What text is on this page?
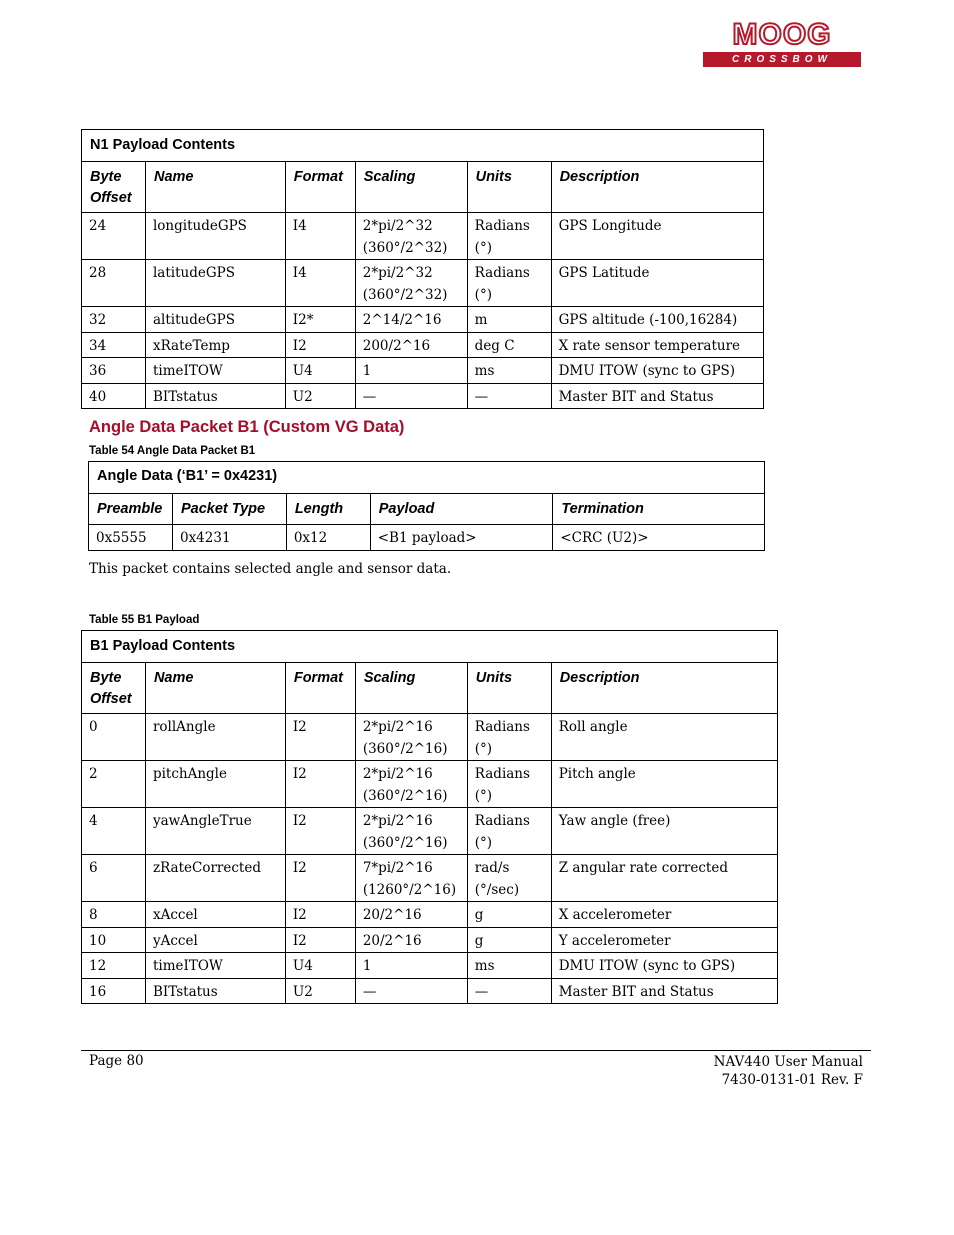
MOOG
CROSSBOW
N1 Payload Contents					
Byte Offset	Name	Format	Scaling	Units	Description
24	longitudeGPS	I4	2*pi/2^32 (360°/2^32)	Radians (°)	GPS Longitude
28	latitudeGPS	I4	2*pi/2^32 (360°/2^32)	Radians (°)	GPS Latitude
32	altitudeGPS	I2*	2^14/2^16	m	GPS altitude (-100,16284)
34	xRateTemp	I2	200/2^16	deg C	X rate sensor temperature
36	timeITOW	U4	1	ms	DMU ITOW (sync to GPS)
40	BITstatus	U2	—	—	Master BIT and Status
Angle Data Packet B1 (Custom VG Data)
Table 54 Angle Data Packet B1
Angle Data (‘B1’ = 0x4231)				
Preamble	Packet Type	Length	Payload	Termination
0x5555	0x4231	0x12	<B1 payload>	<CRC (U2)>
This packet contains selected angle and sensor data.
Table 55 B1 Payload
B1 Payload Contents					
Byte Offset	Name	Format	Scaling	Units	Description
0	rollAngle	I2	2*pi/2^16 (360°/2^16)	Radians (°)	Roll angle
2	pitchAngle	I2	2*pi/2^16 (360°/2^16)	Radians (°)	Pitch angle
4	yawAngleTrue	I2	2*pi/2^16 (360°/2^16)	Radians (°)	Yaw angle (free)
6	zRateCorrected	I2	7*pi/2^16 (1260°/2^16)	rad/s (°/sec)	Z angular rate corrected
8	xAccel	I2	20/2^16	g	X accelerometer
10	yAccel	I2	20/2^16	g	Y accelerometer
12	timeITOW	U4	1	ms	DMU ITOW (sync to GPS)
16	BITstatus	U2	—	—	Master BIT and Status
Page 80	NAV440 User Manual
7430-0131-01 Rev. F
